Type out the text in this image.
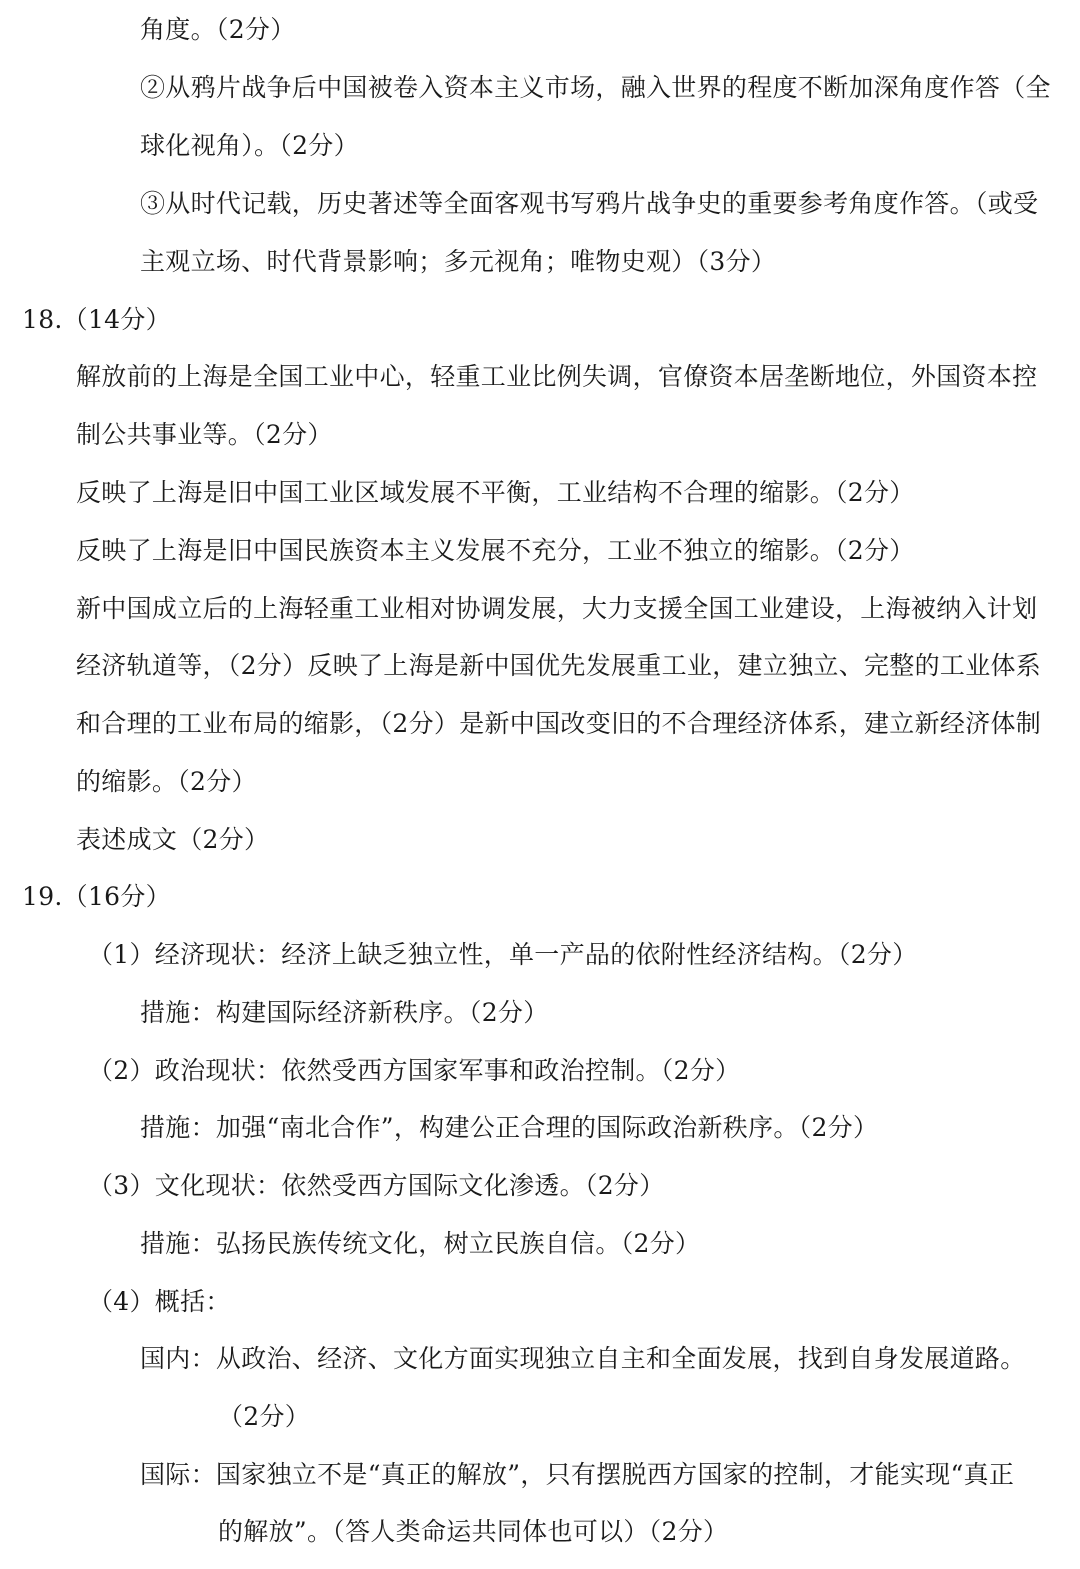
角度。（2分）
②从鸦片战争后中国被卷入资本主义市场，融入世界的程度不断加深角度作答（全
球化视角）。（2分）
③从时代记载，历史著述等全面客观书写鸦片战争史的重要参考角度作答。（或受
主观立场、时代背景影响；多元视角；唯物史观）（3分）
18.（14分）
解放前的上海是全国工业中心，轻重工业比例失调，官僚资本居垄断地位，外国资本控
制公共事业等。（2分）
反映了上海是旧中国工业区域发展不平衡，工业结构不合理的缩影。（2分）
反映了上海是旧中国民族资本主义发展不充分，工业不独立的缩影。（2分）
新中国成立后的上海轻重工业相对协调发展，大力支援全国工业建设，上海被纳入计划
经济轨道等，（2分）反映了上海是新中国优先发展重工业，建立独立、完整的工业体系
和合理的工业布局的缩影，（2分）是新中国改变旧的不合理经济体系，建立新经济体制
的缩影。（2分）
表述成文（2分）
19.（16分）
（1）经济现状：经济上缺乏独立性，单一产品的依附性经济结构。（2分）
措施：构建国际经济新秩序。（2分）
（2）政治现状：依然受西方国家军事和政治控制。（2分）
措施：加强“南北合作”，构建公正合理的国际政治新秩序。（2分）
（3）文化现状：依然受西方国际文化渗透。（2分）
措施：弘扬民族传统文化，树立民族自信。（2分）
（4）概括：
国内：从政治、经济、文化方面实现独立自主和全面发展，找到自身发展道路。
（2分）
国际：国家独立不是“真正的解放”，只有摆脱西方国家的控制，才能实现“真正
的解放”。（答人类命运共同体也可以）（2分）
